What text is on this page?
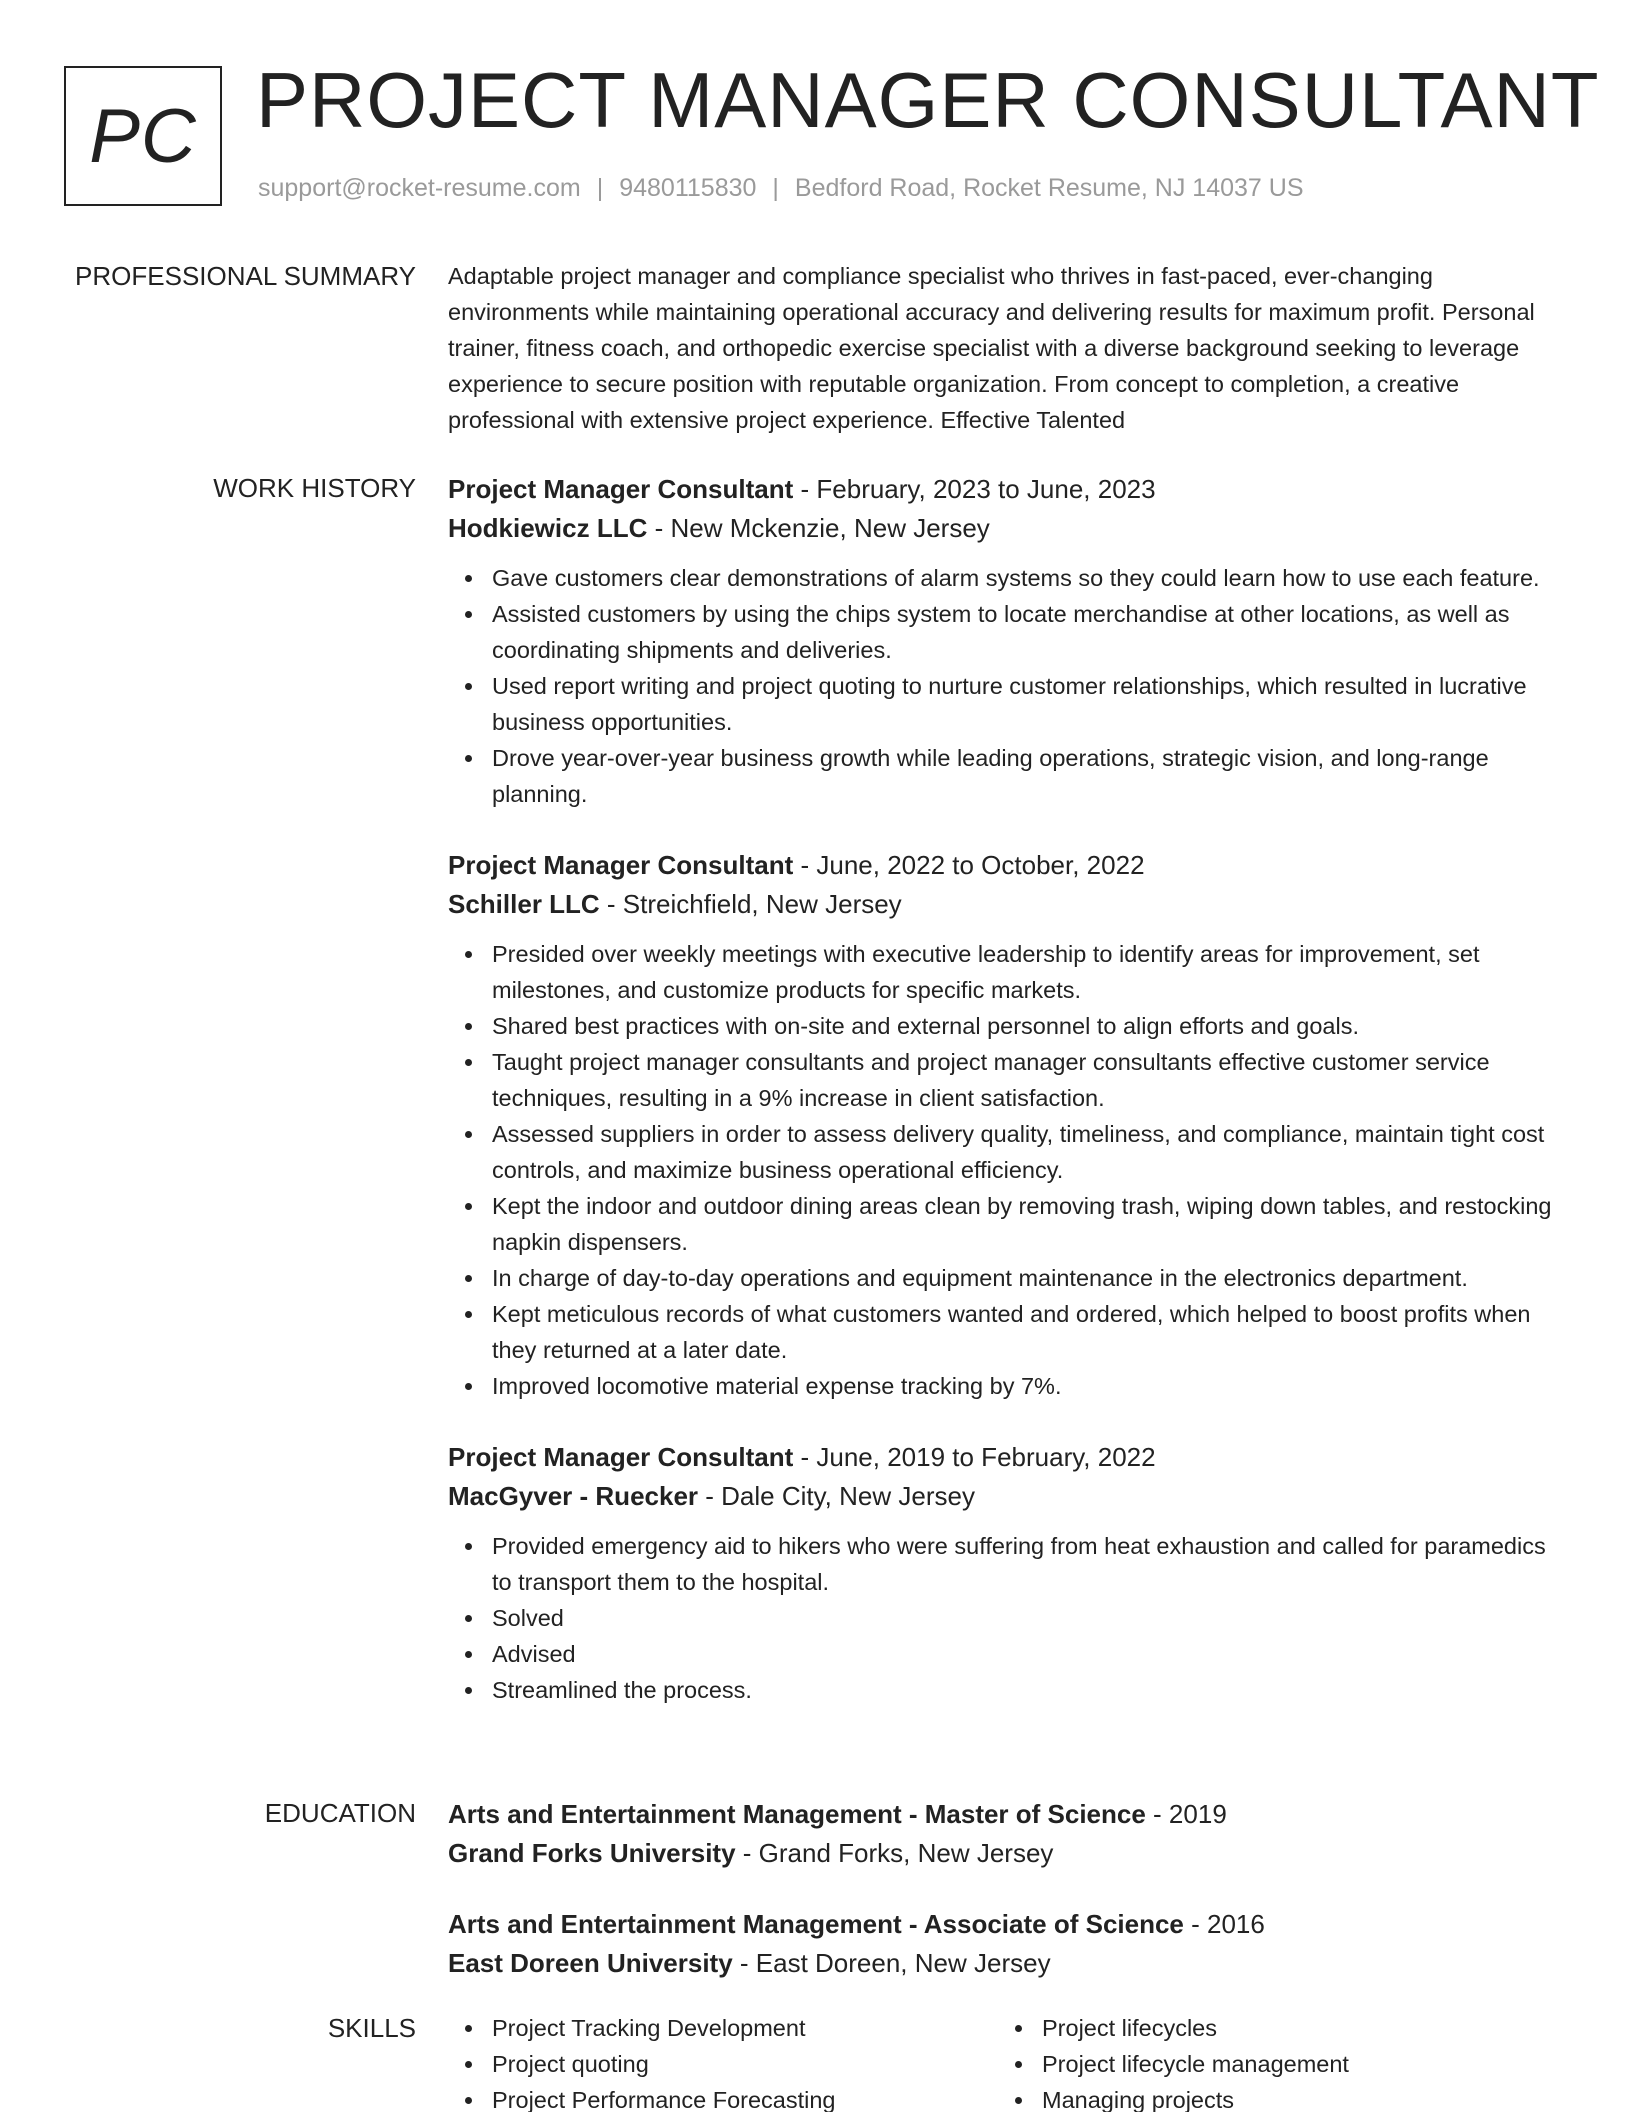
PC PROJECT MANAGER CONSULTANT
support@rocket-resume.com | 9480115830 | Bedford Road, Rocket Resume, NJ 14037 US
PROFESSIONAL SUMMARY Adaptable project manager and compliance specialist who thrives in fast-paced, ever-changing environments while maintaining operational accuracy and delivering results for maximum profit. Personal trainer, fitness coach, and orthopedic exercise specialist with a diverse background seeking to leverage experience to secure position with reputable organization. From concept to completion, a creative professional with extensive project experience. Effective Talented

WORK HISTORY Project Manager Consultant - February, 2023 to June, 2023
Hodkiewicz LLC - New Mckenzie, New Jersey
Gave customers clear demonstrations of alarm systems so they could learn how to use each feature.
Assisted customers by using the chips system to locate merchandise at other locations, as well as coordinating shipments and deliveries.
Used report writing and project quoting to nurture customer relationships, which resulted in lucrative business opportunities.
Drove year-over-year business growth while leading operations, strategic vision, and long-range planning.
Project Manager Consultant - June, 2022 to October, 2022
Schiller LLC - Streichfield, New Jersey
Presided over weekly meetings with executive leadership to identify areas for improvement, set milestones, and customize products for specific markets.
Shared best practices with on-site and external personnel to align efforts and goals.
Taught project manager consultants and project manager consultants effective customer service techniques, resulting in a 9% increase in client satisfaction.
Assessed suppliers in order to assess delivery quality, timeliness, and compliance, maintain tight cost controls, and maximize business operational efficiency.
Kept the indoor and outdoor dining areas clean by removing trash, wiping down tables, and restocking napkin dispensers.
In charge of day-to-day operations and equipment maintenance in the electronics department.
Kept meticulous records of what customers wanted and ordered, which helped to boost profits when they returned at a later date.
Improved locomotive material expense tracking by 7%.
Project Manager Consultant - June, 2019 to February, 2022
MacGyver - Ruecker - Dale City, New Jersey
Provided emergency aid to hikers who were suffering from heat exhaustion and called for paramedics to transport them to the hospital.
Solved
Advised
Streamlined the process.
EDUCATION Arts and Entertainment Management - Master of Science - 2019
Grand Forks University - Grand Forks, New Jersey
Arts and Entertainment Management - Associate of Science - 2016
East Doreen University - East Doreen, New Jersey
SKILLS	Project Tracking Development
Project quoting
Project Performance Forecasting
Project lifecycles
Project lifecycle management
Managing projects
